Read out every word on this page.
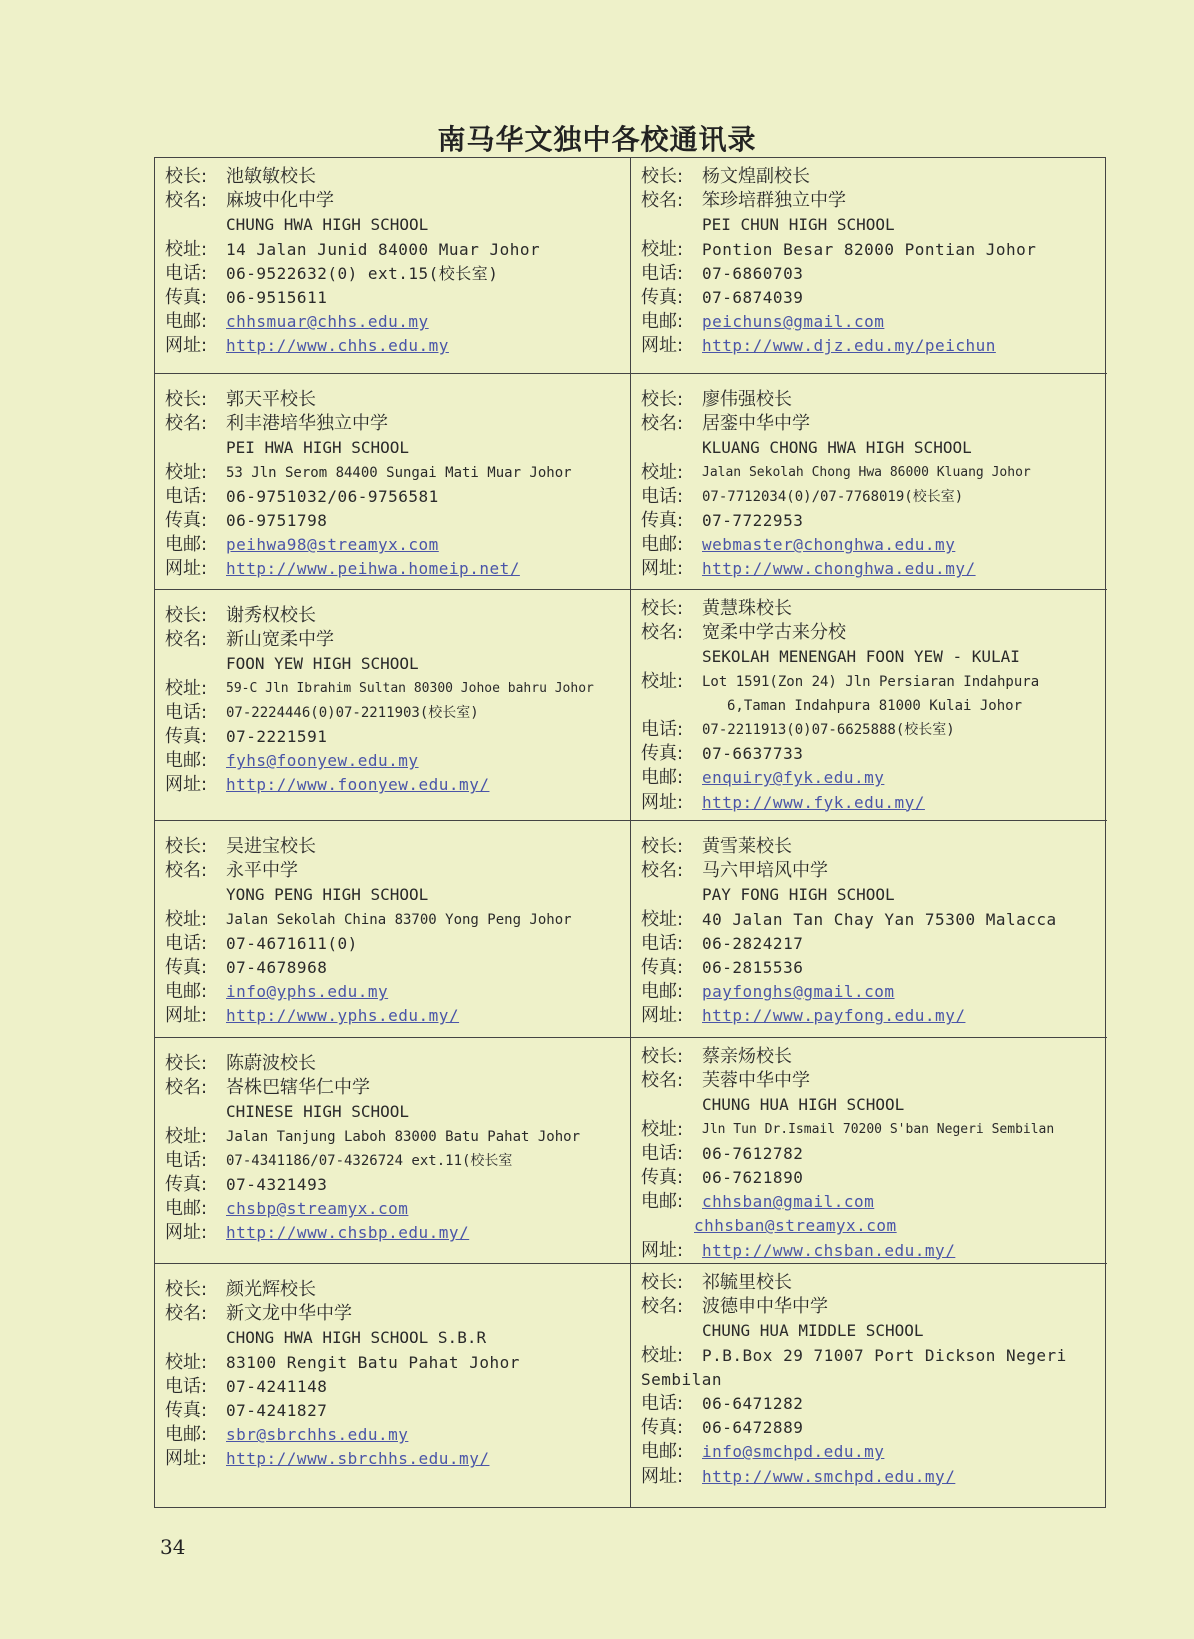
南马华文独中各校通讯录
校长:	池敏敏校长
校名:	麻坡中化中学
CHUNG HWA HIGH SCHOOL
校址:	14 Jalan Junid 84000 Muar Johor
电话:	06-9522632(0) ext.15(校长室)
传真:	06-9515611
电邮:	chhsmuar@chhs.edu.my
网址:	http://www.chhs.edu.my
校长:	杨文煌副校长
校名:	笨珍培群独立中学
PEI CHUN HIGH SCHOOL
校址:	Pontion Besar 82000 Pontian Johor
电话:	07-6860703
传真:	07-6874039
电邮:	peichuns@gmail.com
网址:	http://www.djz.edu.my/peichun
校长:	郭天平校长
校名:	利丰港培华独立中学
PEI HWA HIGH SCHOOL
校址:	53 Jln Serom 84400 Sungai Mati Muar Johor
电话:	06-9751032/06-9756581
传真:	06-9751798
电邮:	peihwa98@streamyx.com
网址:	http://www.peihwa.homeip.net/
校长:	廖伟强校长
校名:	居銮中华中学
KLUANG CHONG HWA HIGH SCHOOL
校址:	Jalan Sekolah Chong Hwa 86000 Kluang Johor
电话:	07-7712034(0)/07-7768019(校长室)
传真:	07-7722953
电邮:	webmaster@chonghwa.edu.my
网址:	http://www.chonghwa.edu.my/
校长:	谢秀权校长
校名:	新山宽柔中学
FOON YEW HIGH SCHOOL
校址:	59-C Jln Ibrahim Sultan 80300 Johoe bahru Johor
电话:	07-2224446(0)07-2211903(校长室)
传真:	07-2221591
电邮:	fyhs@foonyew.edu.my
网址:	http://www.foonyew.edu.my/
校长:	黄慧珠校长
校名:	宽柔中学古来分校
SEKOLAH MENENGAH FOON YEW - KULAI
校址:	Lot 1591(Zon 24) Jln Persiaran Indahpura
6,Taman Indahpura 81000 Kulai Johor
电话:	07-2211913(0)07-6625888(校长室)
传真:	07-6637733
电邮:	enquiry@fyk.edu.my
网址:	http://www.fyk.edu.my/
校长:	吴进宝校长
校名:	永平中学
YONG PENG HIGH SCHOOL
校址:	Jalan Sekolah China 83700 Yong Peng Johor
电话:	07-4671611(0)
传真:	07-4678968
电邮:	info@yphs.edu.my
网址:	http://www.yphs.edu.my/
校长:	黄雪莱校长
校名:	马六甲培风中学
PAY FONG HIGH SCHOOL
校址:	40 Jalan Tan Chay Yan 75300 Malacca
电话:	06-2824217
传真:	06-2815536
电邮:	payfonghs@gmail.com
网址:	http://www.payfong.edu.my/
校长:	陈蔚波校长
校名:	峇株巴辖华仁中学
CHINESE HIGH SCHOOL
校址:	Jalan Tanjung Laboh 83000 Batu Pahat Johor
电话:	07-4341186/07-4326724 ext.11(校长室
传真:	07-4321493
电邮:	chsbp@streamyx.com
网址:	http://www.chsbp.edu.my/
校长:	蔡亲炀校长
校名:	芙蓉中华中学
CHUNG HUA HIGH SCHOOL
校址:	Jln Tun Dr.Ismail 70200 S'ban Negeri Sembilan
电话:	06-7612782
传真:	06-7621890
电邮:	chhsban@gmail.com
chhsban@streamyx.com
网址:	http://www.chsban.edu.my/
校长:	颜光辉校长
校名:	新文龙中华中学
CHONG HWA HIGH SCHOOL S.B.R
校址:	83100 Rengit Batu Pahat Johor
电话:	07-4241148
传真:	07-4241827
电邮:	sbr@sbrchhs.edu.my
网址:	http://www.sbrchhs.edu.my/
校长:	祁毓里校长
校名:	波德申中华中学
CHUNG HUA MIDDLE SCHOOL
校址:	P.B.Box 29 71007 Port Dickson Negeri
Sembilan
电话:	06-6471282
传真:	06-6472889
电邮:	info@smchpd.edu.my
网址:	http://www.smchpd.edu.my/
34
